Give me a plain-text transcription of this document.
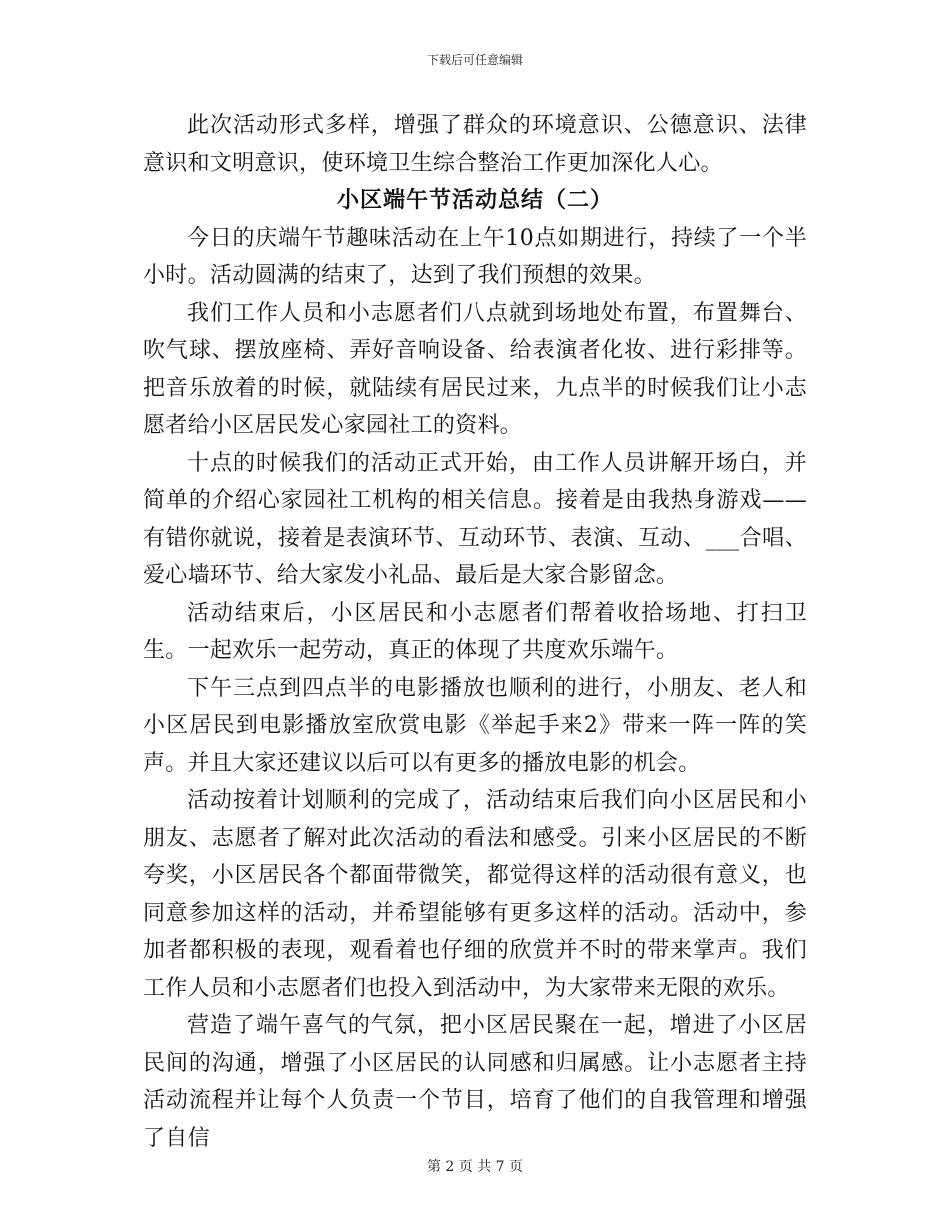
下载后可任意编辑

此次活动形式多样，增强了群众的环境意识、公德意识、法律意识和文明意识，使环境卫生综合整治工作更加深化人心。

小区端午节活动总结（二）

今日的庆端午节趣味活动在上午10点如期进行，持续了一个半小时。活动圆满的结束了，达到了我们预想的效果。

我们工作人员和小志愿者们八点就到场地处布置，布置舞台、吹气球、摆放座椅、弄好音响设备、给表演者化妆、进行彩排等。把音乐放着的时候，就陆续有居民过来，九点半的时候我们让小志愿者给小区居民发心家园社工的资料。

十点的时候我们的活动正式开始，由工作人员讲解开场白，并简单的介绍心家园社工机构的相关信息。接着是由我热身游戏——有错你就说，接着是表演环节、互动环节、表演、互动、___合唱、爱心墙环节、给大家发小礼品、最后是大家合影留念。

活动结束后，小区居民和小志愿者们帮着收拾场地、打扫卫生。一起欢乐一起劳动，真正的体现了共度欢乐端午。

下午三点到四点半的电影播放也顺利的进行，小朋友、老人和小区居民到电影播放室欣赏电影《举起手来2》带来一阵一阵的笑声。并且大家还建议以后可以有更多的播放电影的机会。

活动按着计划顺利的完成了，活动结束后我们向小区居民和小朋友、志愿者了解对此次活动的看法和感受。引来小区居民的不断夸奖，小区居民各个都面带微笑，都觉得这样的活动很有意义，也同意参加这样的活动，并希望能够有更多这样的活动。活动中，参加者都积极的表现，观看着也仔细的欣赏并不时的带来掌声。我们工作人员和小志愿者们也投入到活动中，为大家带来无限的欢乐。

营造了端午喜气的气氛，把小区居民聚在一起，增进了小区居民间的沟通，增强了小区居民的认同感和归属感。让小志愿者主持活动流程并让每个人负责一个节目，培育了他们的自我管理和增强了自信

第 2 页 共 7 页
